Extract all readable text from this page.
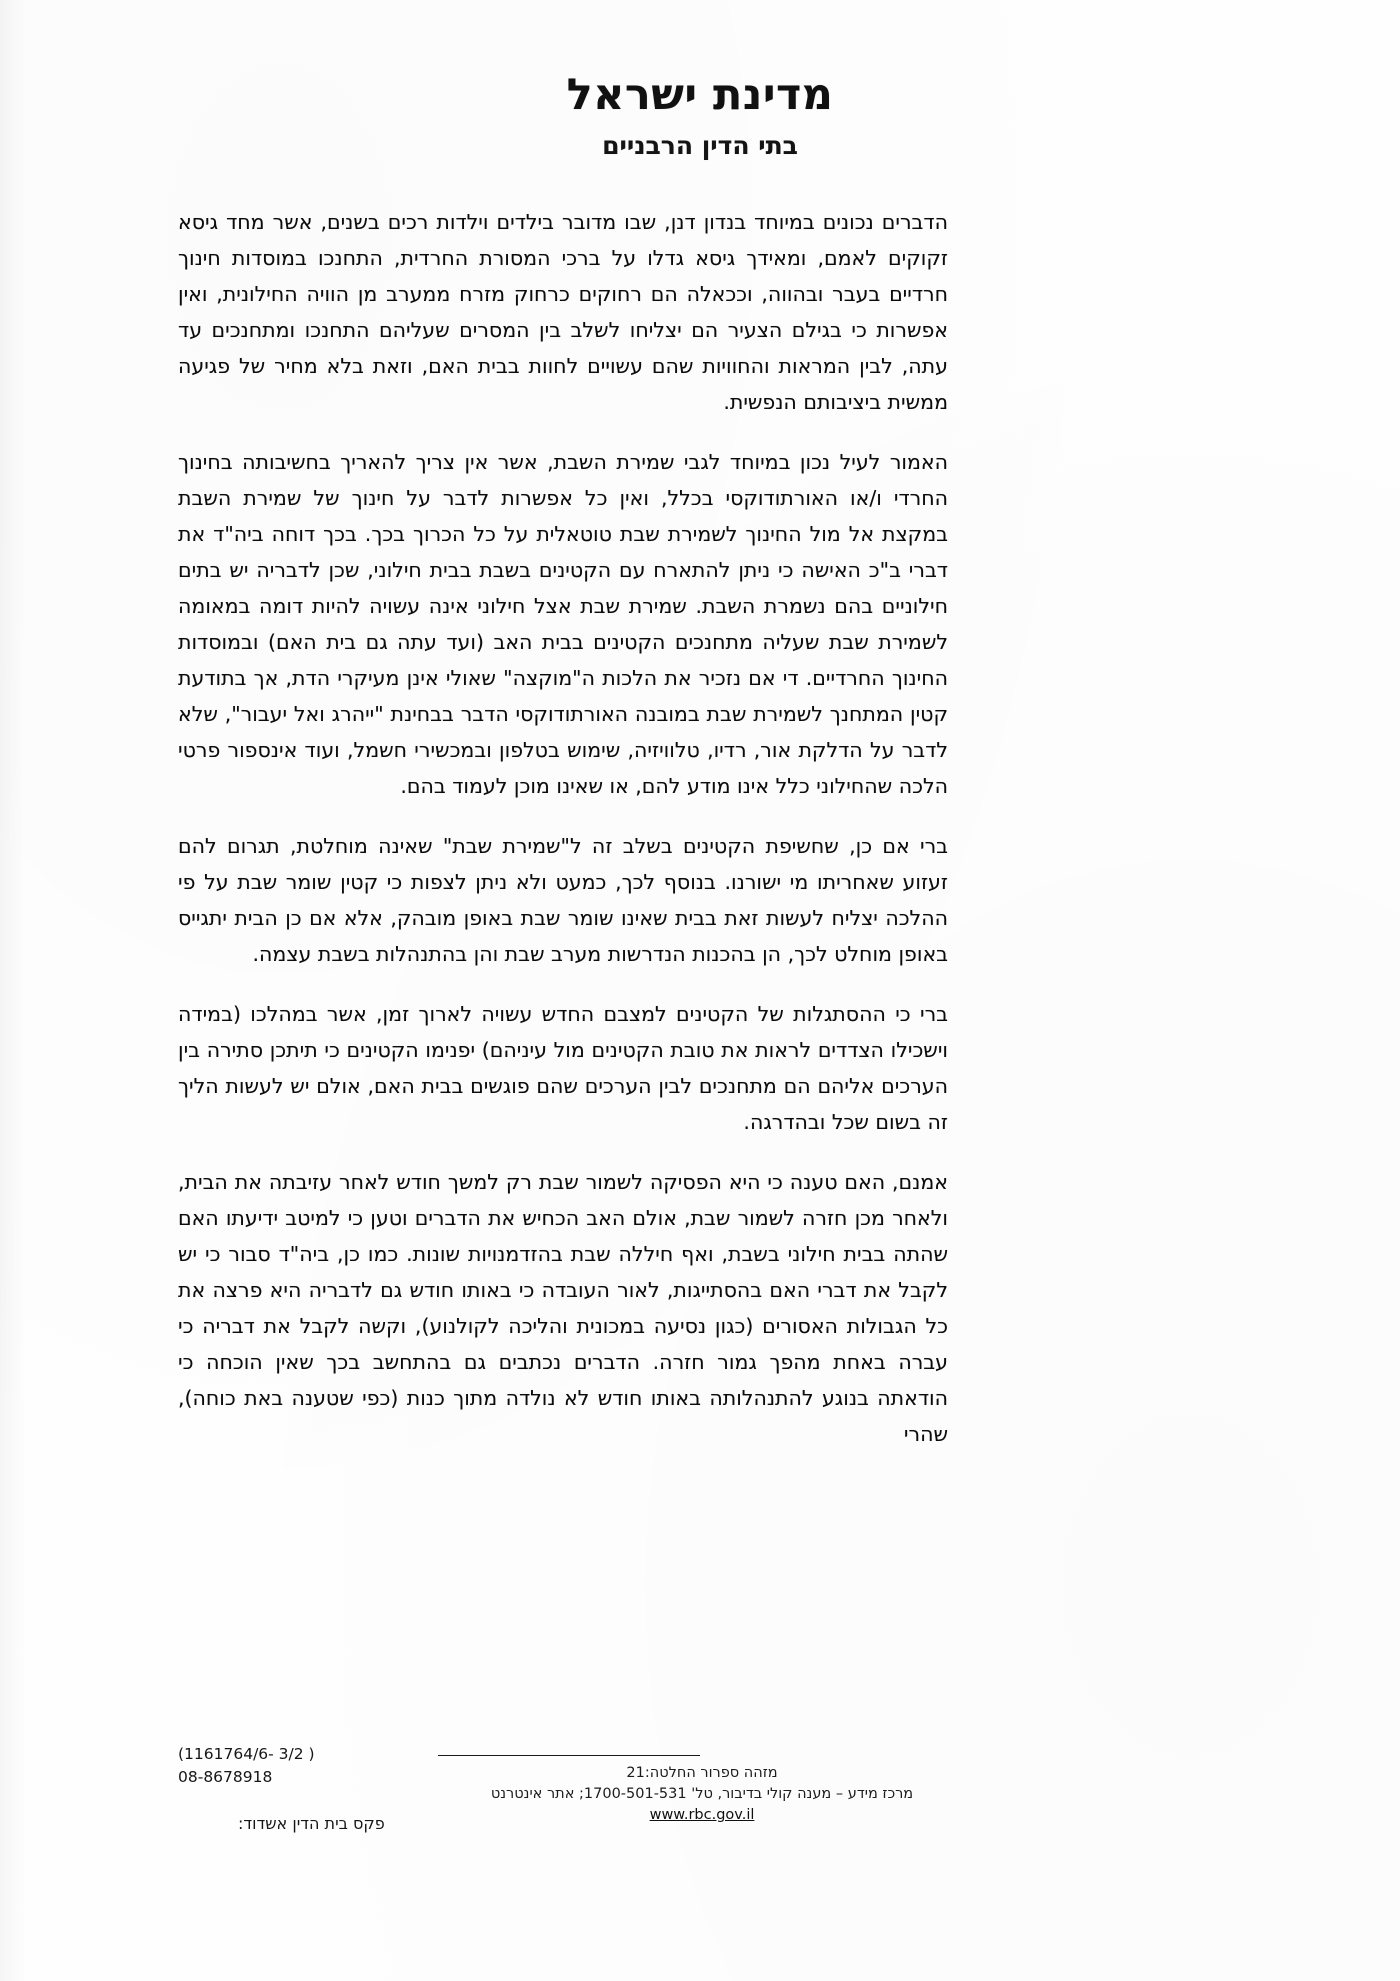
מדינת ישראל
בתי הדין הרבניים

הדברים נכונים במיוחד בנדון דנן, שבו מדובר בילדים וילדות רכים בשנים, אשר מחד גיסא זקוקים לאמם, ומאידך גיסא גדלו על ברכי המסורת החרדית, התחנכו במוסדות חינוך חרדיים בעבר ובהווה, וככאלה הם רחוקים כרחוק מזרח ממערב מן הוויה החילונית, ואין אפשרות כי בגילם הצעיר הם יצליחו לשלב בין המסרים שעליהם התחנכו ומתחנכים עד עתה, לבין המראות והחוויות שהם עשויים לחוות בבית האם, וזאת בלא מחיר של פגיעה ממשית ביציבותם הנפשית.

האמור לעיל נכון במיוחד לגבי שמירת השבת, אשר אין צריך להאריך בחשיבותה בחינוך החרדי ו/או האורתודוקסי בכלל, ואין כל אפשרות לדבר על חינוך של שמירת השבת במקצת אל מול החינוך לשמירת שבת טוטאלית על כל הכרוך בכך. בכך דוחה ביה"ד את דברי ב"כ האישה כי ניתן להתארח עם הקטינים בשבת בבית חילוני, שכן לדבריה יש בתים חילוניים בהם נשמרת השבת. שמירת שבת אצל חילוני אינה עשויה להיות דומה במאומה לשמירת שבת שעליה מתחנכים הקטינים בבית האב (ועד עתה גם בית האם) ובמוסדות החינוך החרדיים. די אם נזכיר את הלכות ה"מוקצה" שאולי אינן מעיקרי הדת, אך בתודעת קטין המתחנך לשמירת שבת במובנה האורתודוקסי הדבר בבחינת "ייהרג ואל יעבור", שלא לדבר על הדלקת אור, רדיו, טלוויזיה, שימוש בטלפון ובמכשירי חשמל, ועוד אינספור פרטי הלכה שהחילוני כלל אינו מודע להם, או שאינו מוכן לעמוד בהם.

ברי אם כן, שחשיפת הקטינים בשלב זה ל"שמירת שבת" שאינה מוחלטת, תגרום להם זעזוע שאחריתו מי ישורנו. בנוסף לכך, כמעט ולא ניתן לצפות כי קטין שומר שבת על פי ההלכה יצליח לעשות זאת בבית שאינו שומר שבת באופן מובהק, אלא אם כן הבית יתגייס באופן מוחלט לכך, הן בהכנות הנדרשות מערב שבת והן בהתנהלות בשבת עצמה.

ברי כי ההסתגלות של הקטינים למצבם החדש עשויה לארוך זמן, אשר במהלכו (במידה וישכילו הצדדים לראות את טובת הקטינים מול עיניהם) יפנימו הקטינים כי תיתכן סתירה בין הערכים אליהם הם מתחנכים לבין הערכים שהם פוגשים בבית האם, אולם יש לעשות הליך זה בשום שכל ובהדרגה.

אמנם, האם טענה כי היא הפסיקה לשמור שבת רק למשך חודש לאחר עזיבתה את הבית, ולאחר מכן חזרה לשמור שבת, אולם האב הכחיש את הדברים וטען כי למיטב ידיעתו האם שהתה בבית חילוני בשבת, ואף חיללה שבת בהזדמנויות שונות. כמו כן, ביה"ד סבור כי יש לקבל את דברי האם בהסתייגות, לאור העובדה כי באותו חודש גם לדבריה היא פרצה את כל הגבולות האסורים (כגון נסיעה במכונית והליכה לקולנוע), וקשה לקבל את דבריה כי עברה באחת מהפך גמור חזרה. הדברים נכתבים גם בהתחשב בכך שאין הוכחה כי הודאתה בנוגע להתנהלותה באותו חודש לא נולדה מתוך כנות (כפי שטענה באת כוחה), שהרי

מזהה ספרור החלטה:21
מרכז מידע – מענה קולי בדיבור, טל' 1700-501-531; אתר אינטרנט
www.rbc.gov.il
(1161764/6- 3/2 )
08-8678918
פקס בית הדין אשדוד:
